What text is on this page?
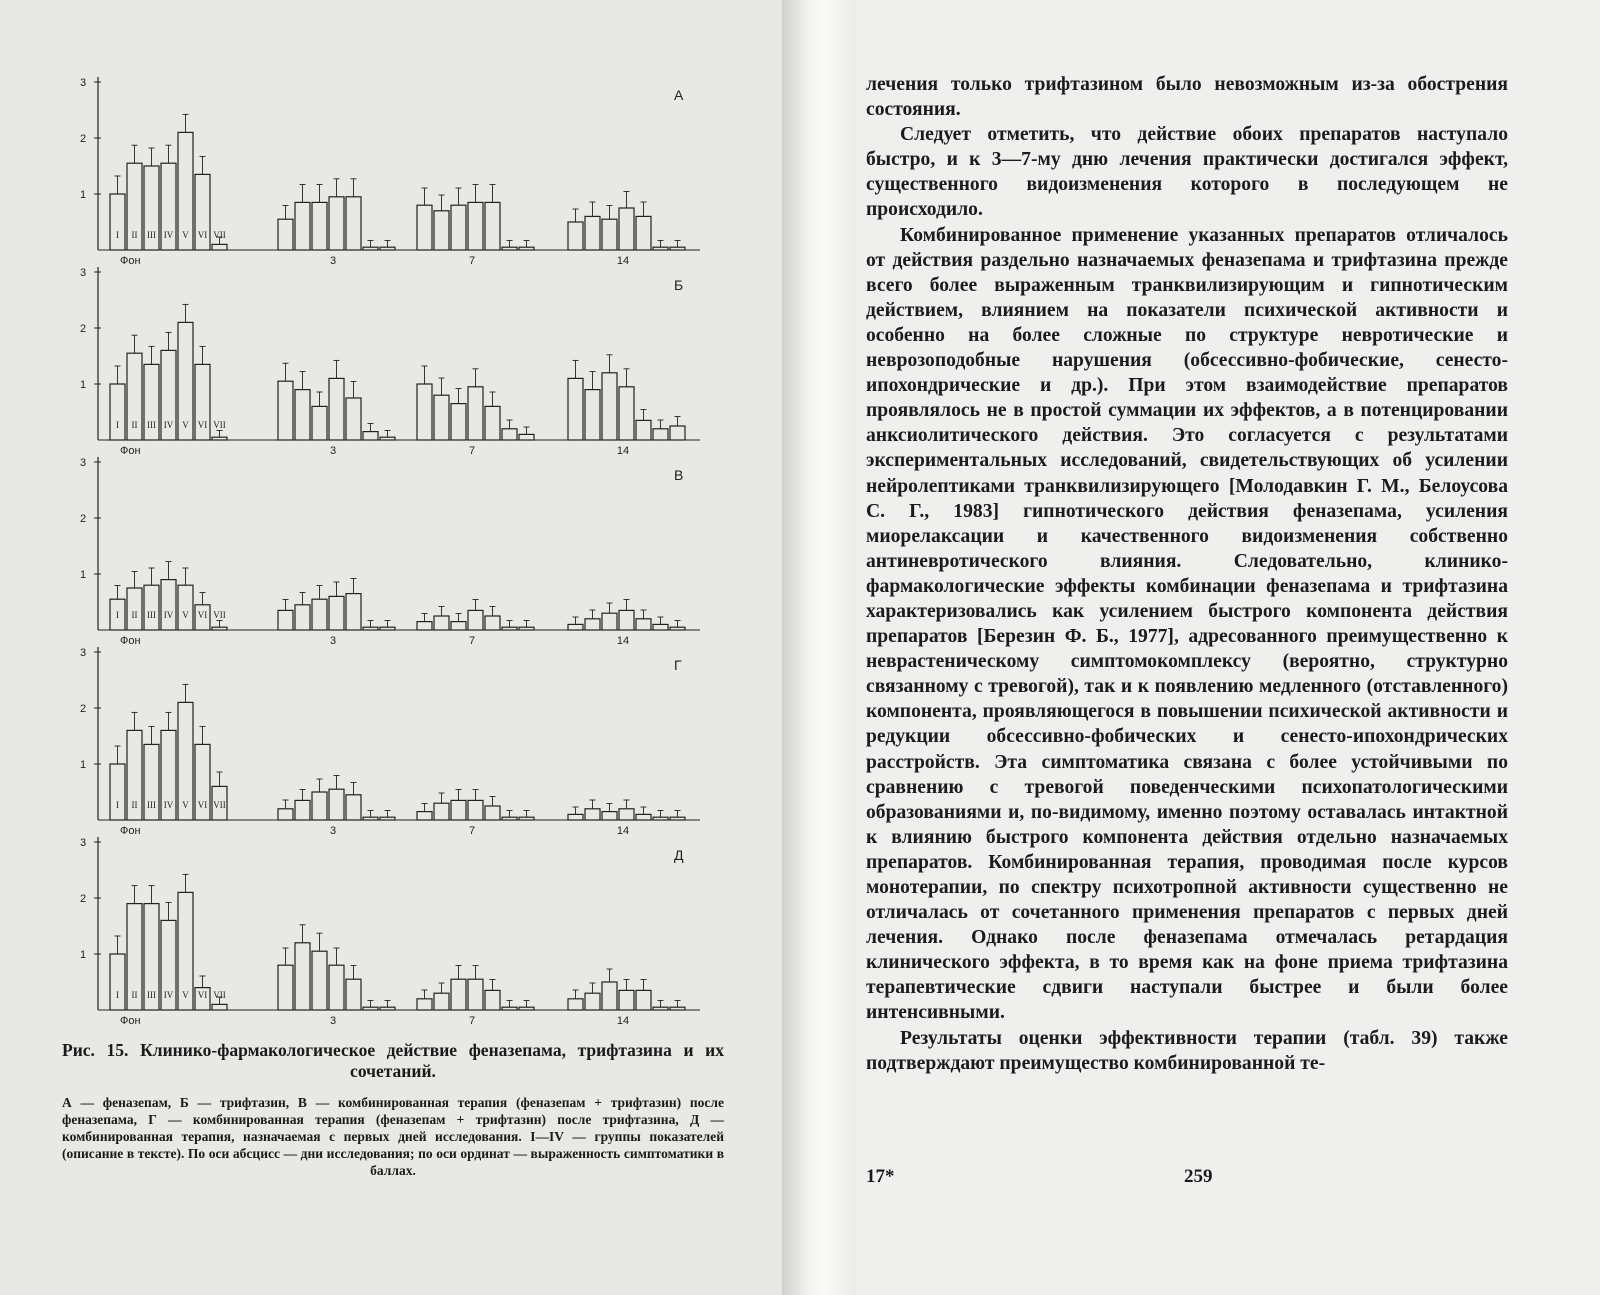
1
2
3
А
I II III IV V VI VII
Фон	3	7	14
1
2
3
Б
I II III IV V VI VII
Фон	3	7	14
1
2
3
В
I II III IV V VI VII
Фон	3	7	14
1
2
3
Г
I II III IV V VI VII
Фон	3	7	14
1
2
3
Д
I II III IV V VI VII
Фон	3	7	14
Рис. 15. Клинико-фармакологическое действие феназепама, трифтазина и их сочетаний.
А — феназепам, Б — трифтазин, В — комбинированная терапия (феназепам + трифтазин) после феназепама, Г — комбинированная терапия (феназепам + трифтазин) после трифтазина, Д — комбинированная терапия, назначаемая с первых дней исследования. I—IV — группы показателей (описание в тексте). По оси абсцисс — дни исследования; по оси ординат — выраженность симптоматики в баллах.

лечения только трифтазином было невозможным из-за обострения состояния.

Следует отметить, что действие обоих препаратов наступало быстро, и к 3—7-му дню лечения практически достигался эффект, существенного видоизменения которого в последующем не происходило.

Комбинированное применение указанных препаратов отличалось от действия раздельно назначаемых феназепама и трифтазина прежде всего более выраженным транквилизирующим и гипнотическим действием, влиянием на показатели психической активности и особенно на более сложные по структуре невротические и неврозоподобные нарушения (обсессивно-фобические, сенесто-ипохондрические и др.). При этом взаимодействие препаратов проявлялось не в простой суммации их эффектов, а в потенцировании анксиолитического действия. Это согласуется с результатами экспериментальных исследований, свидетельствующих об усилении нейролептиками транквилизирующего [Молодавкин Г. М., Белоусова С. Г., 1983] гипнотического действия феназепама, усиления миорелаксации и качественного видоизменения собственно антиневротического влияния. Следовательно, клинико-фармакологические эффекты комбинации феназепама и трифтазина характеризовались как усилением быстрого компонента действия препаратов [Березин Ф. Б., 1977], адресованного преимущественно к неврастеническому симптомокомплексу (вероятно, структурно связанному с тревогой), так и к появлению медленного (отставленного) компонента, проявляющегося в повышении психической активности и редукции обсессивно-фобических и сенесто-ипохондрических расстройств. Эта симптоматика связана с более устойчивыми по сравнению с тревогой поведенческими психопатологическими образованиями и, по-видимому, именно поэтому оставалась интактной к влиянию быстрого компонента действия отдельно назначаемых препаратов. Комбинированная терапия, проводимая после курсов монотерапии, по спектру психотропной активности существенно не отличалась от сочетанного применения препаратов с первых дней лечения. Однако после феназепама отмечалась ретардация клинического эффекта, в то время как на фоне приема трифтазина терапевтические сдвиги наступали быстрее и были более интенсивными.

Результаты оценки эффективности терапии (табл. 39) также подтверждают преимущество комбинированной те-

17*	259
